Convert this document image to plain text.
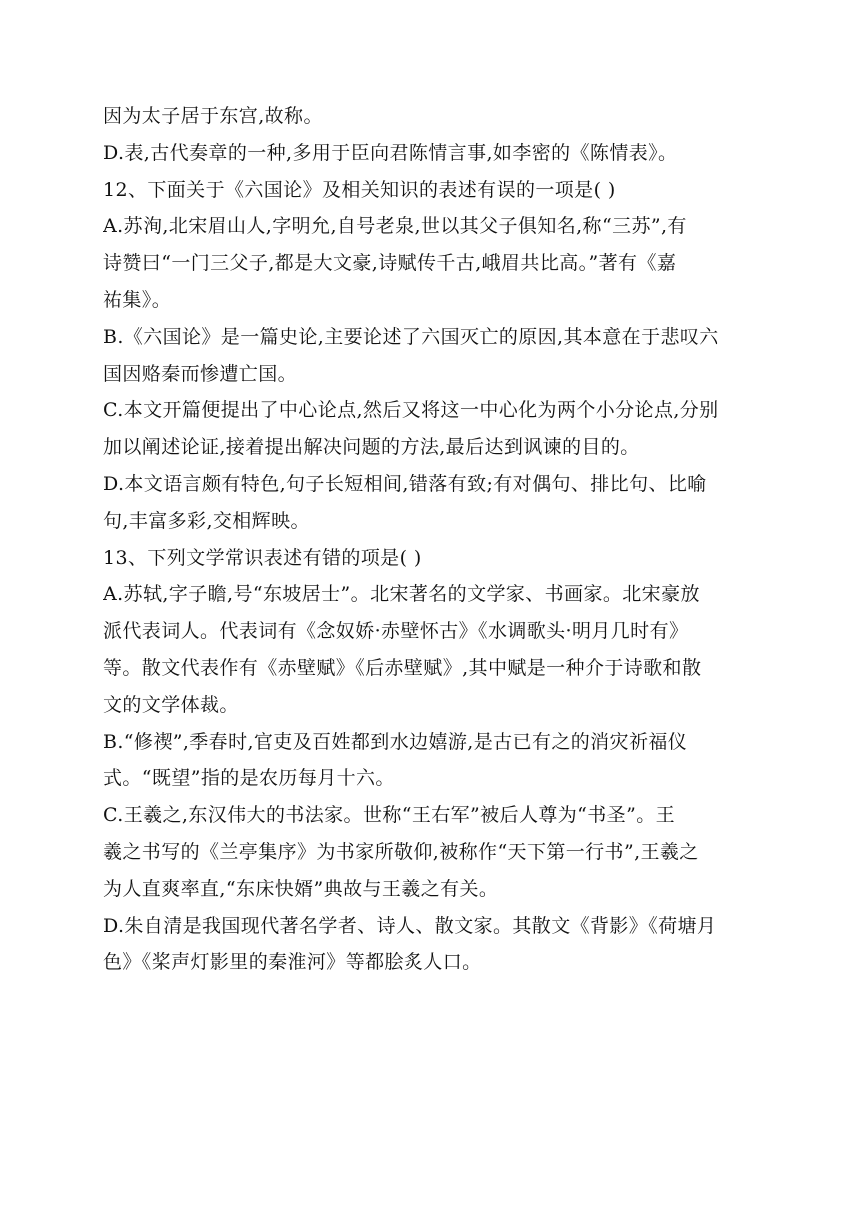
因为太子居于东宫,故称。
D.表,古代奏章的一种,多用于臣向君陈情言事,如李密的《陈情表》。
12、下面关于《六国论》及相关知识的表述有误的一项是( )
A.苏洵,北宋眉山人,字明允,自号老泉,世以其父子俱知名,称“三苏”,有
诗赞曰“一门三父子,都是大文豪,诗赋传千古,峨眉共比高。”著有《嘉
祐集》。
B.《六国论》是一篇史论,主要论述了六国灭亡的原因,其本意在于悲叹六
国因赂秦而惨遭亡国。
C.本文开篇便提出了中心论点,然后又将这一中心化为两个小分论点,分别
加以阐述论证,接着提出解决问题的方法,最后达到讽谏的目的。
D.本文语言颇有特色,句子长短相间,错落有致;有对偶句、排比句、比喻
句,丰富多彩,交相辉映。
13、下列文学常识表述有错的项是( )
A.苏轼,字子瞻,号“东坡居士”。北宋著名的文学家、书画家。北宋豪放
派代表词人。代表词有《念奴娇·赤壁怀古》《水调歌头·明月几时有》
等。散文代表作有《赤壁赋》《后赤壁赋》,其中赋是一种介于诗歌和散
文的文学体裁。
B.“修禊”,季春时,官吏及百姓都到水边嬉游,是古已有之的消灾祈福仪
式。“既望”指的是农历每月十六。
C.王羲之,东汉伟大的书法家。世称“王右军”被后人尊为“书圣”。王
羲之书写的《兰亭集序》为书家所敬仰,被称作“天下第一行书”,王羲之
为人直爽率直,“东床快婿”典故与王羲之有关。
D.朱自清是我国现代著名学者、诗人、散文家。其散文《背影》《荷塘月
色》《桨声灯影里的秦淮河》等都脍炙人口。
